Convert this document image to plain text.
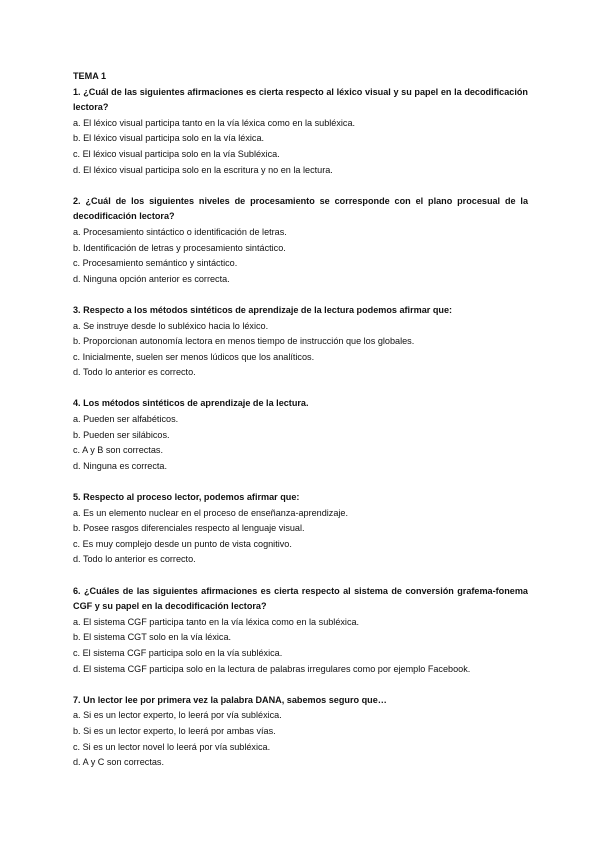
TEMA 1

1. ¿Cuál de las siguientes afirmaciones es cierta respecto al léxico visual y su papel en la decodificación lectora?

a. El léxico visual participa tanto en la vía léxica como en la subléxica.
b. El léxico visual participa solo en la vía léxica.
c. El léxico visual participa solo en la vía Subléxica.
d. El léxico visual participa solo en la escritura y no en la lectura.

2. ¿Cuál de los siguientes niveles de procesamiento se corresponde con el plano procesual de la decodificación lectora?

a. Procesamiento sintáctico o identificación de letras.
b. Identificación de letras y procesamiento sintáctico.
c. Procesamiento semántico y sintáctico.
d. Ninguna opción anterior es correcta.

3. Respecto a los métodos sintéticos de aprendizaje de la lectura podemos afirmar que:

a. Se instruye desde lo subléxico hacia lo léxico.
b. Proporcionan autonomía lectora en menos tiempo de instrucción que los globales.
c. Inicialmente, suelen ser menos lúdicos que los analíticos.
d. Todo lo anterior es correcto.

4. Los métodos sintéticos de aprendizaje de la lectura.

a. Pueden ser alfabéticos.
b. Pueden ser silábicos.
c. A y B son correctas.
d. Ninguna es correcta.

5. Respecto al proceso lector, podemos afirmar que:

a. Es un elemento nuclear en el proceso de enseñanza-aprendizaje.
b. Posee rasgos diferenciales respecto al lenguaje visual.
c. Es muy complejo desde un punto de vista cognitivo.
d. Todo lo anterior es correcto.

6. ¿Cuáles de las siguientes afirmaciones es cierta respecto al sistema de conversión grafema-fonema CGF y su papel en la decodificación lectora?

a. El sistema CGF participa tanto en la vía léxica como en la subléxica.
b. El sistema CGT solo en la vía léxica.
c. El sistema CGF participa solo en la vía subléxica.
d. El sistema CGF participa solo en la lectura de palabras irregulares como por ejemplo Facebook.

7. Un lector lee por primera vez la palabra DANA, sabemos seguro que…

a. Si es un lector experto, lo leerá por vía subléxica.
b. Si es un lector experto, lo leerá por ambas vías.
c. Si es un lector novel lo leerá por vía subléxica.
d. A y C son correctas.
